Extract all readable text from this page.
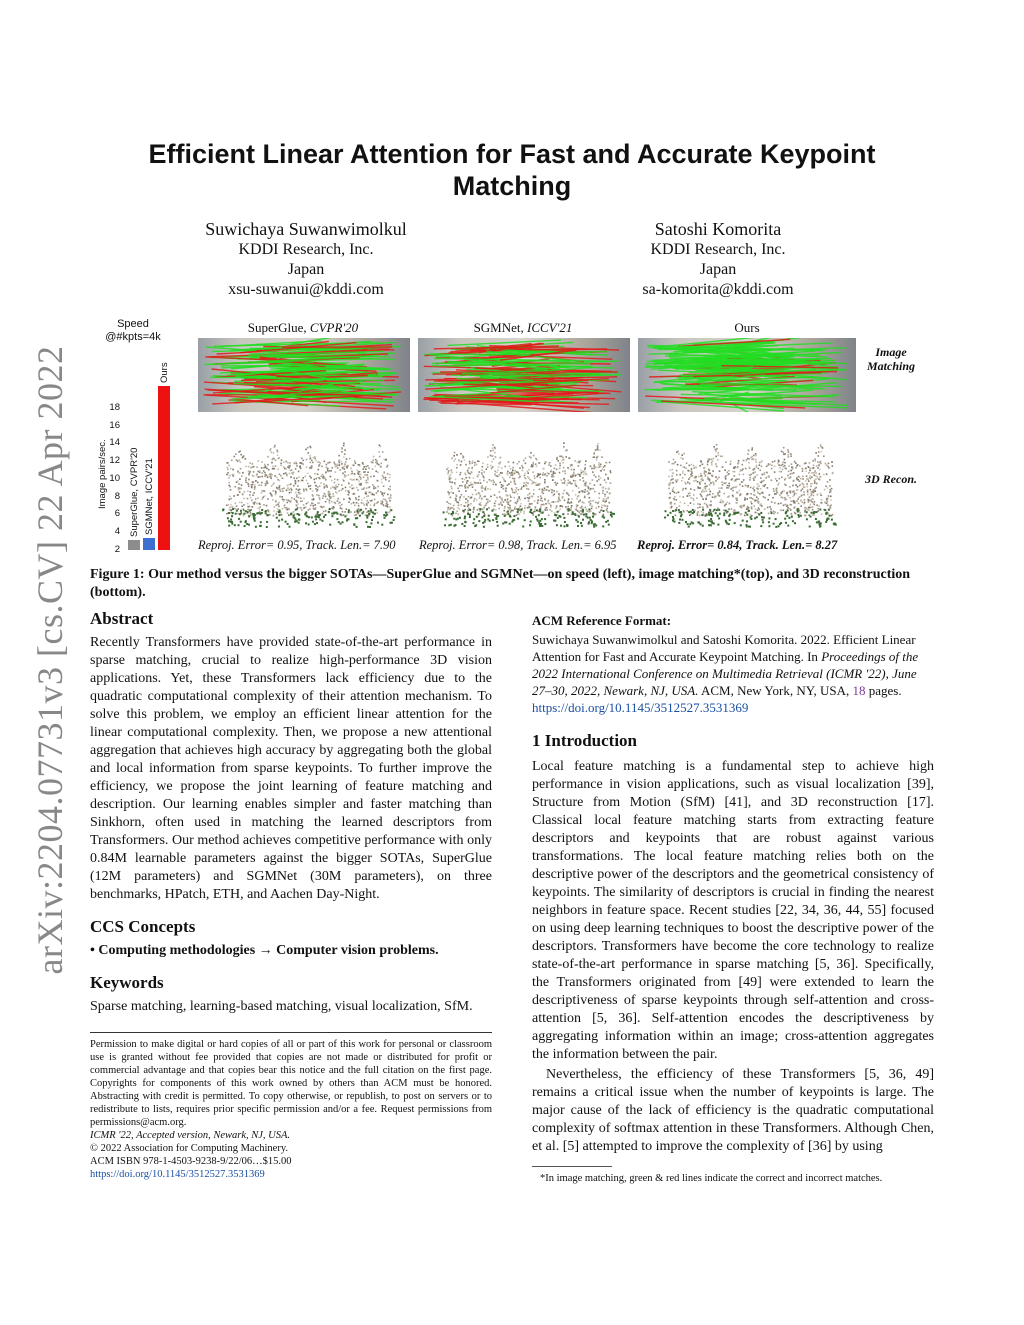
Efficient Linear Attention for Fast and Accurate Keypoint Matching
Suwichaya Suwanwimolkul
KDDI Research, Inc.
Japan
xsu-suwanui@kddi.com
Satoshi Komorita
KDDI Research, Inc.
Japan
sa-komorita@kddi.com
arXiv:2204.07731v3 [cs.CV] 22 Apr 2022
Speed
@#kpts=4k
Image pairs/sec.
2
4
6
8
10
12
14
16
18
SuperGlue, CVPR'20 SGMNet, ICCV'21
Ours
SuperGlue, CVPR'20	SGMNet, ICCV'21	Ours
Image Matching
3D Recon.
Reproj. Error= 0.95, Track. Len.= 7.90 Reproj. Error= 0.98, Track. Len.= 6.95 Reproj. Error= 0.84, Track. Len.= 8.27
Figure 1: Our method versus the bigger SOTAs—SuperGlue and SGMNet—on speed (left), image matching*(top), and 3D reconstruction (bottom).
Abstract

Recently Transformers have provided state-of-the-art performance in sparse matching, crucial to realize high-performance 3D vision applications. Yet, these Transformers lack efficiency due to the quadratic computational complexity of their attention mechanism. To solve this problem, we employ an efficient linear attention for the linear computational complexity. Then, we propose a new attentional aggregation that achieves high accuracy by aggregating both the global and local information from sparse keypoints. To further improve the efficiency, we propose the joint learning of feature matching and description. Our learning enables simpler and faster matching than Sinkhorn, often used in matching the learned descriptors from Transformers. Our method achieves competitive performance with only 0.84M learnable parameters against the bigger SOTAs, SuperGlue (12M parameters) and SGMNet (30M parameters), on three benchmarks, HPatch, ETH, and Aachen Day-Night.

CCS Concepts

• Computing methodologies → Computer vision problems.

Keywords

Sparse matching, learning-based matching, visual localization, SfM.

Permission to make digital or hard copies of all or part of this work for personal or classroom use is granted without fee provided that copies are not made or distributed for profit or commercial advantage and that copies bear this notice and the full citation on the first page. Copyrights for components of this work owned by others than ACM must be honored. Abstracting with credit is permitted. To copy otherwise, or republish, to post on servers or to redistribute to lists, requires prior specific permission and/or a fee. Request permissions from permissions@acm.org.
ICMR '22, Accepted version, Newark, NJ, USA.
© 2022 Association for Computing Machinery.
ACM ISBN 978-1-4503-9238-9/22/06…$15.00
https://doi.org/10.1145/3512527.3531369
ACM Reference Format:

Suwichaya Suwanwimolkul and Satoshi Komorita. 2022. Efficient Linear Attention for Fast and Accurate Keypoint Matching. In Proceedings of the 2022 International Conference on Multimedia Retrieval (ICMR '22), June 27–30, 2022, Newark, NJ, USA. ACM, New York, NY, USA, 18 pages.

https://doi.org/10.1145/3512527.3531369
1 Introduction

Local feature matching is a fundamental step to achieve high performance in vision applications, such as visual localization [39], Structure from Motion (SfM) [41], and 3D reconstruction [17]. Classical local feature matching starts from extracting feature descriptors and keypoints that are robust against various transformations. The local feature matching relies both on the descriptive power of the descriptors and the geometrical consistency of keypoints. The similarity of descriptors is crucial in finding the nearest neighbors in feature space. Recent studies [22, 34, 36, 44, 55] focused on using deep learning techniques to boost the descriptive power of the descriptors. Transformers have become the core technology to realize state-of-the-art performance in sparse matching [5, 36]. Specifically, the Transformers originated from [49] were extended to learn the descriptiveness of sparse keypoints through self-attention and cross-attention [5, 36]. Self-attention encodes the descriptiveness by aggregating information within an image; cross-attention aggregates the information between the pair.

Nevertheless, the efficiency of these Transformers [5, 36, 49] remains a critical issue when the number of keypoints is large. The major cause of the lack of efficiency is the quadratic computational complexity of softmax attention in these Transformers. Although Chen, et al. [5] attempted to improve the complexity of [36] by using

*In image matching, green & red lines indicate the correct and incorrect matches.
